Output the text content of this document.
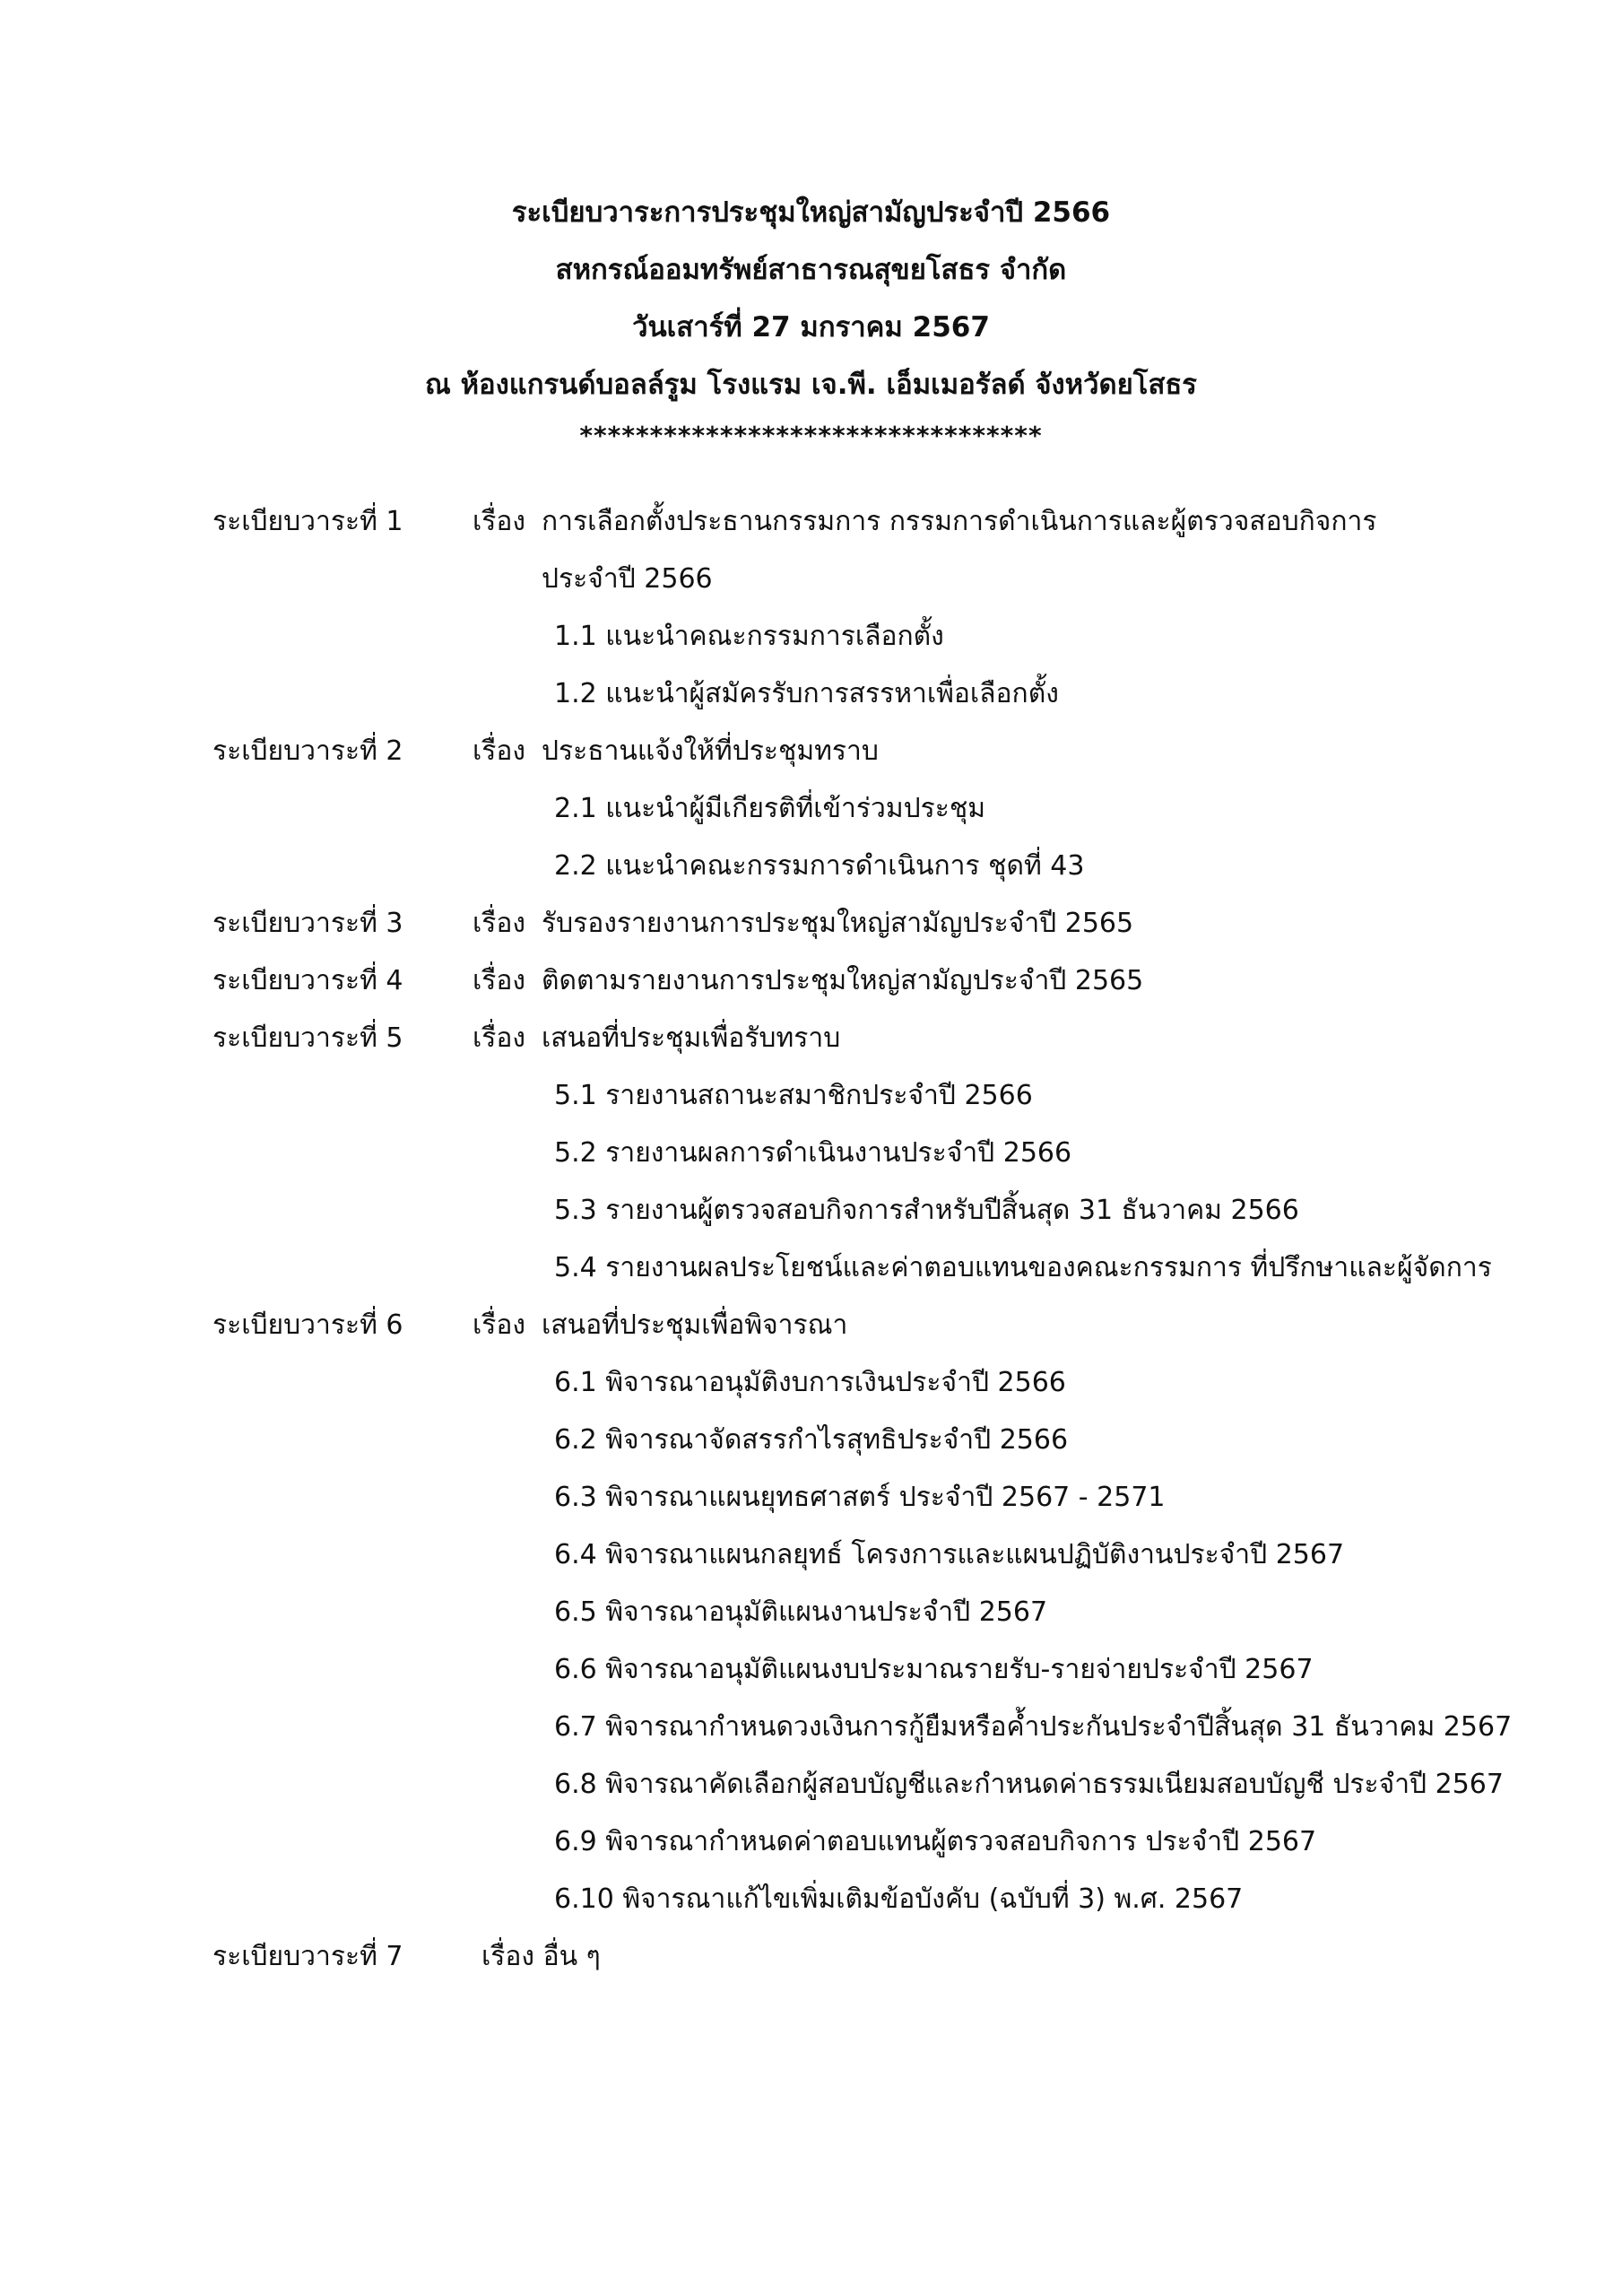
ระเบียบวาระการประชุมใหญ่สามัญประจำปี 2566
สหกรณ์ออมทรัพย์สาธารณสุขยโสธร จำกัด
วันเสาร์ที่ 27 มกราคม 2567
ณ ห้องแกรนด์บอลล์รูม โรงแรม เจ.พี. เอ็มเมอรัลด์ จังหวัดยโสธร
*********************************
ระเบียบวาระที่ 1	เรื่อง การเลือกตั้งประธานกรรมการ กรรมการดำเนินการและผู้ตรวจสอบกิจการ
ประจำปี 2566
1.1 แนะนำคณะกรรมการเลือกตั้ง
1.2 แนะนำผู้สมัครรับการสรรหาเพื่อเลือกตั้ง
ระเบียบวาระที่ 2	เรื่อง ประธานแจ้งให้ที่ประชุมทราบ
2.1 แนะนำผู้มีเกียรติที่เข้าร่วมประชุม
2.2 แนะนำคณะกรรมการดำเนินการ ชุดที่ 43
ระเบียบวาระที่ 3	เรื่อง รับรองรายงานการประชุมใหญ่สามัญประจำปี 2565
ระเบียบวาระที่ 4	เรื่อง ติดตามรายงานการประชุมใหญ่สามัญประจำปี 2565
ระเบียบวาระที่ 5	เรื่อง เสนอที่ประชุมเพื่อรับทราบ
5.1 รายงานสถานะสมาชิกประจำปี 2566
5.2 รายงานผลการดำเนินงานประจำปี 2566
5.3 รายงานผู้ตรวจสอบกิจการสำหรับปีสิ้นสุด 31 ธันวาคม 2566
5.4 รายงานผลประโยชน์และค่าตอบแทนของคณะกรรมการ ที่ปรึกษาและผู้จัดการ
ระเบียบวาระที่ 6	เรื่อง เสนอที่ประชุมเพื่อพิจารณา
6.1 พิจารณาอนุมัติงบการเงินประจำปี 2566
6.2 พิจารณาจัดสรรกำไรสุทธิประจำปี 2566
6.3 พิจารณาแผนยุทธศาสตร์ ประจำปี 2567 - 2571
6.4 พิจารณาแผนกลยุทธ์ โครงการและแผนปฏิบัติงานประจำปี 2567
6.5 พิจารณาอนุมัติแผนงานประจำปี 2567
6.6 พิจารณาอนุมัติแผนงบประมาณรายรับ-รายจ่ายประจำปี 2567
6.7 พิจารณากำหนดวงเงินการกู้ยืมหรือค้ำประกันประจำปีสิ้นสุด 31 ธันวาคม 2567
6.8 พิจารณาคัดเลือกผู้สอบบัญชีและกำหนดค่าธรรมเนียมสอบบัญชี ประจำปี 2567
6.9 พิจารณากำหนดค่าตอบแทนผู้ตรวจสอบกิจการ ประจำปี 2567
6.10 พิจารณาแก้ไขเพิ่มเติมข้อบังคับ (ฉบับที่ 3) พ.ศ. 2567
ระเบียบวาระที่ 7	เรื่อง อื่น ๆ
